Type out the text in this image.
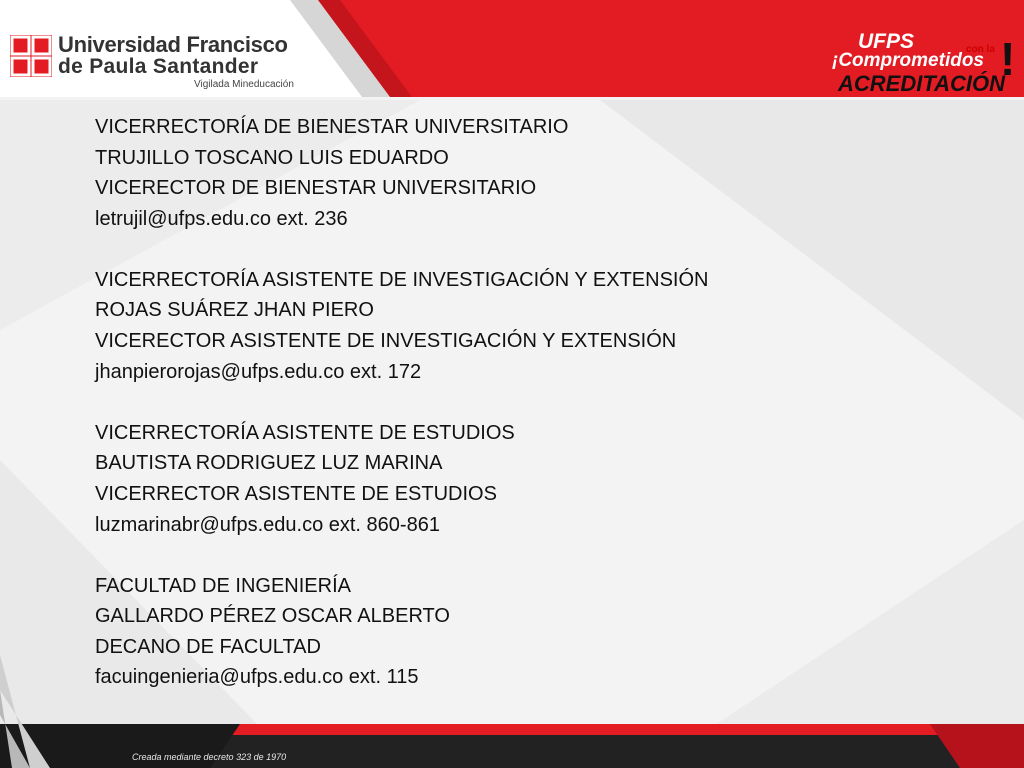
UFPS
Universidad Francisco
de Paula Santander
Vigilada Mineducación
UFPS
¡Comprometidos
con la
ACREDITACIÓN
!
VICERRECTORÍA DE BIENESTAR UNIVERSITARIO
TRUJILLO TOSCANO LUIS EDUARDO
VICERECTOR DE BIENESTAR UNIVERSITARIO
letrujil@ufps.edu.co ext. 236
VICERRECTORÍA ASISTENTE DE INVESTIGACIÓN Y EXTENSIÓN
ROJAS SUÁREZ JHAN PIERO
VICERECTOR ASISTENTE DE INVESTIGACIÓN Y EXTENSIÓN
jhanpierorojas@ufps.edu.co ext. 172
VICERRECTORÍA ASISTENTE DE ESTUDIOS
BAUTISTA RODRIGUEZ LUZ MARINA
VICERRECTOR ASISTENTE DE ESTUDIOS
luzmarinabr@ufps.edu.co ext. 860-861
FACULTAD DE INGENIERÍA
GALLARDO PÉREZ OSCAR ALBERTO
DECANO DE FACULTAD
facuingenieria@ufps.edu.co ext. 115
Creada mediante decreto 323 de 1970
